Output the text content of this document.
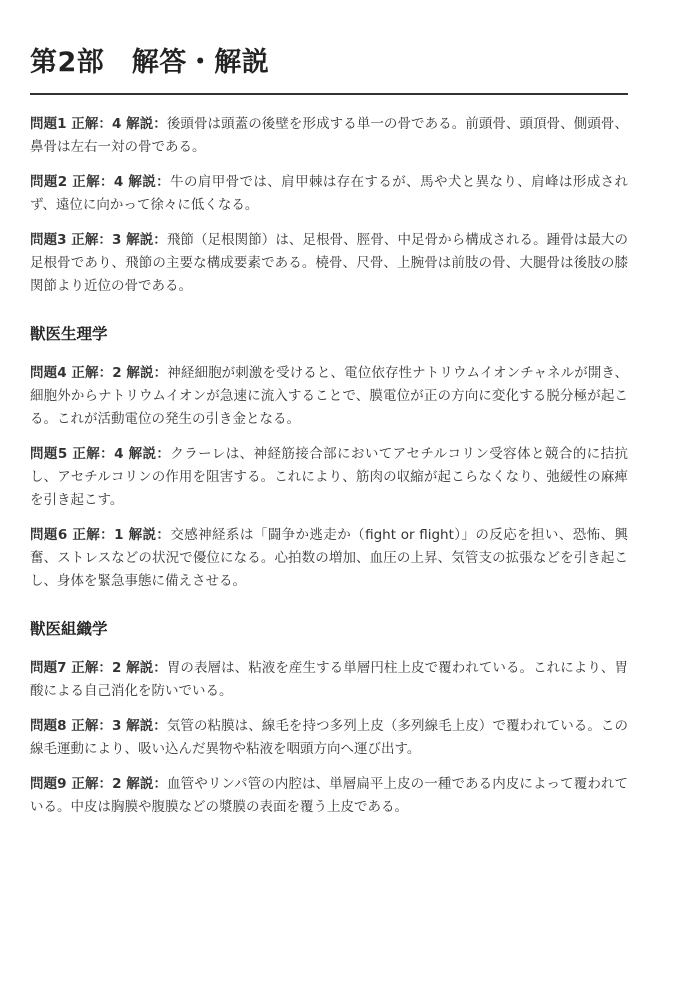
第2部　解答・解説

問題1 正解：4 解説：後頭骨は頭蓋の後壁を形成する単一の骨である。前頭骨、頭頂骨、側頭骨、鼻骨は左右一対の骨である。

問題2 正解：4 解説：牛の肩甲骨では、肩甲棘は存在するが、馬や犬と異なり、肩峰は形成されず、遠位に向かって徐々に低くなる。

問題3 正解：3 解説：飛節（足根関節）は、足根骨、脛骨、中足骨から構成される。踵骨は最大の足根骨であり、飛節の主要な構成要素である。橈骨、尺骨、上腕骨は前肢の骨、大腿骨は後肢の膝関節より近位の骨である。

獣医生理学

問題4 正解：2 解説：神経細胞が刺激を受けると、電位依存性ナトリウムイオンチャネルが開き、細胞外からナトリウムイオンが急速に流入することで、膜電位が正の方向に変化する脱分極が起こる。これが活動電位の発生の引き金となる。

問題5 正解：4 解説：クラーレは、神経筋接合部においてアセチルコリン受容体と競合的に拮抗し、アセチルコリンの作用を阻害する。これにより、筋肉の収縮が起こらなくなり、弛緩性の麻痺を引き起こす。

問題6 正解：1 解説：交感神経系は「闘争か逃走か（fight or flight）」の反応を担い、恐怖、興奮、ストレスなどの状況で優位になる。心拍数の増加、血圧の上昇、気管支の拡張などを引き起こし、身体を緊急事態に備えさせる。

獣医組織学

問題7 正解：2 解説：胃の表層は、粘液を産生する単層円柱上皮で覆われている。これにより、胃酸による自己消化を防いでいる。

問題8 正解：3 解説：気管の粘膜は、線毛を持つ多列上皮（多列線毛上皮）で覆われている。この線毛運動により、吸い込んだ異物や粘液を咽頭方向へ運び出す。

問題9 正解：2 解説：血管やリンパ管の内腔は、単層扁平上皮の一種である内皮によって覆われている。中皮は胸膜や腹膜などの漿膜の表面を覆う上皮である。
